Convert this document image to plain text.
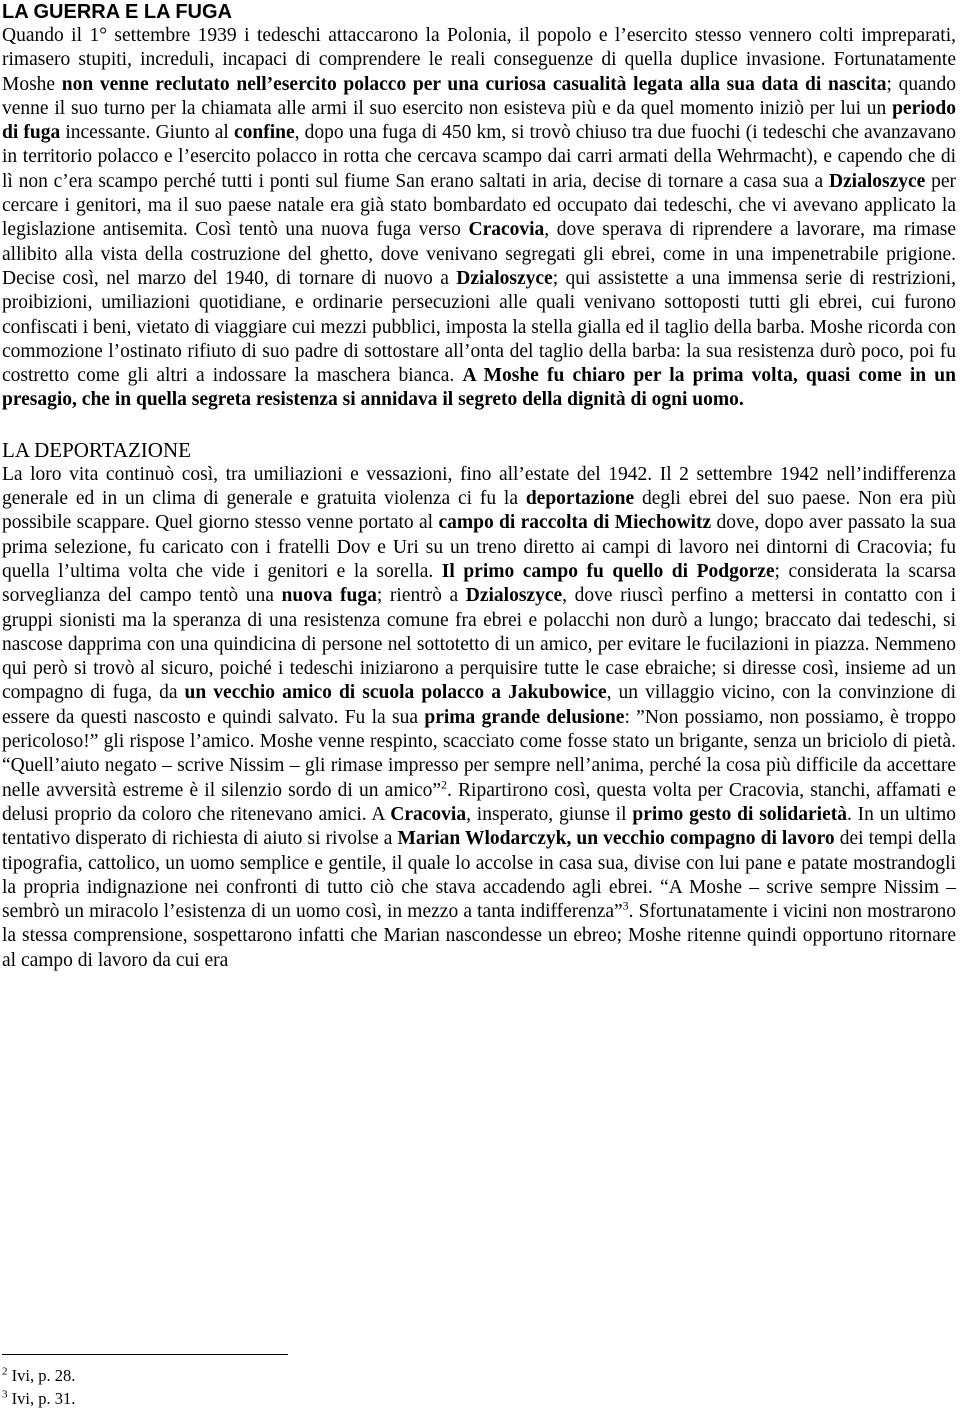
LA GUERRA E LA FUGA

Quando il 1° settembre 1939 i tedeschi attaccarono la Polonia, il popolo e l’esercito stesso vennero colti impreparati, rimasero stupiti, increduli, incapaci di comprendere le reali conseguenze di quella duplice invasione. Fortunatamente Moshe non venne reclutato nell’esercito polacco per una curiosa casualità legata alla sua data di nascita; quando venne il suo turno per la chiamata alle armi il suo esercito non esisteva più e da quel momento iniziò per lui un periodo di fuga incessante. Giunto al confine, dopo una fuga di 450 km, si trovò chiuso tra due fuochi (i tedeschi che avanzavano in territorio polacco e l’esercito polacco in rotta che cercava scampo dai carri armati della Wehrmacht), e capendo che di lì non c’era scampo perché tutti i ponti sul fiume San erano saltati in aria, decise di tornare a casa sua a Dzialoszyce per cercare i genitori, ma il suo paese natale era già stato bombardato ed occupato dai tedeschi, che vi avevano applicato la legislazione antisemita. Così tentò una nuova fuga verso Cracovia, dove sperava di riprendere a lavorare, ma rimase allibito alla vista della costruzione del ghetto, dove venivano segregati gli ebrei, come in una impenetrabile prigione. Decise così, nel marzo del 1940, di tornare di nuovo a Dzialoszyce; qui assistette a una immensa serie di restrizioni, proibizioni, umiliazioni quotidiane, e ordinarie persecuzioni alle quali venivano sottoposti tutti gli ebrei, cui furono confiscati i beni, vietato di viaggiare cui mezzi pubblici, imposta la stella gialla ed il taglio della barba. Moshe ricorda con commozione l’ostinato rifiuto di suo padre di sottostare all’onta del taglio della barba: la sua resistenza durò poco, poi fu costretto come gli altri a indossare la maschera bianca. A Moshe fu chiaro per la prima volta, quasi come in un presagio, che in quella segreta resistenza si annidava il segreto della dignità di ogni uomo.

LA DEPORTAZIONE

La loro vita continuò così, tra umiliazioni e vessazioni, fino all’estate del 1942. Il 2 settembre 1942 nell’indifferenza generale ed in un clima di generale e gratuita violenza ci fu la deportazione degli ebrei del suo paese. Non era più possibile scappare. Quel giorno stesso venne portato al campo di raccolta di Miechowitz dove, dopo aver passato la sua prima selezione, fu caricato con i fratelli Dov e Uri su un treno diretto ai campi di lavoro nei dintorni di Cracovia; fu quella l’ultima volta che vide i genitori e la sorella. Il primo campo fu quello di Podgorze; considerata la scarsa sorveglianza del campo tentò una nuova fuga; rientrò a Dzialoszyce, dove riuscì perfino a mettersi in contatto con i gruppi sionisti ma la speranza di una resistenza comune fra ebrei e polacchi non durò a lungo; braccato dai tedeschi, si nascose dapprima con una quindicina di persone nel sottotetto di un amico, per evitare le fucilazioni in piazza. Nemmeno qui però si trovò al sicuro, poiché i tedeschi iniziarono a perquisire tutte le case ebraiche; si diresse così, insieme ad un compagno di fuga, da un vecchio amico di scuola polacco a Jakubowice, un villaggio vicino, con la convinzione di essere da questi nascosto e quindi salvato. Fu la sua prima grande delusione: ”Non possiamo, non possiamo, è troppo pericoloso!” gli rispose l’amico. Moshe venne respinto, scacciato come fosse stato un brigante, senza un briciolo di pietà. “Quell’aiuto negato – scrive Nissim – gli rimase impresso per sempre nell’anima, perché la cosa più difficile da accettare nelle avversità estreme è il silenzio sordo di un amico”$^2$. Ripartirono così, questa volta per Cracovia, stanchi, affamati e delusi proprio da coloro che ritenevano amici. A Cracovia, insperato, giunse il primo gesto di solidarietà. In un ultimo tentativo disperato di richiesta di aiuto si rivolse a Marian Wlodarczyk, un vecchio compagno di lavoro dei tempi della tipografia, cattolico, un uomo semplice e gentile, il quale lo accolse in casa sua, divise con lui pane e patate mostrandogli la propria indignazione nei confronti di tutto ciò che stava accadendo agli ebrei. “A Moshe – scrive sempre Nissim – sembrò un miracolo l’esistenza di un uomo così, in mezzo a tanta indifferenza”$^3$. Sfortunatamente i vicini non mostrarono la stessa comprensione, sospettarono infatti che Marian nascondesse un ebreo; Moshe ritenne quindi opportuno ritornare al campo di lavoro da cui era

$^2$ Ivi, p. 28.
$^3$ Ivi, p. 31.
